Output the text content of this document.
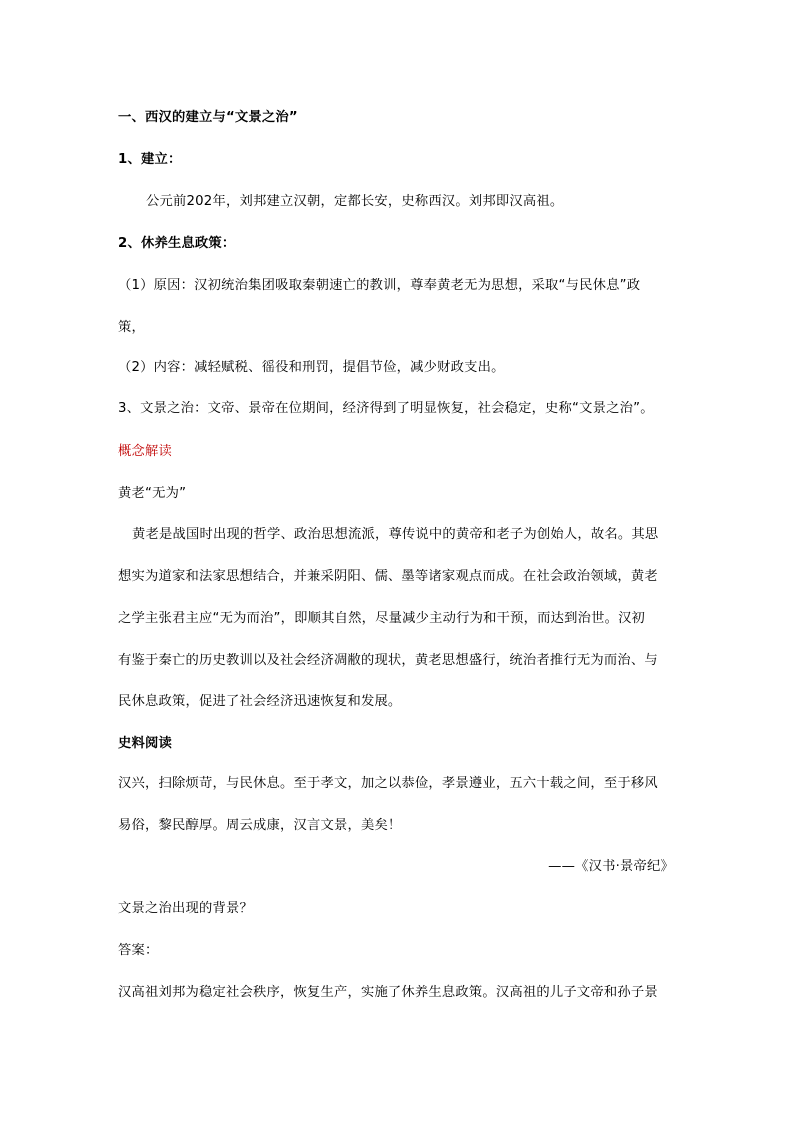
一、西汉的建立与“文景之治”
1、建立：
公元前202年，刘邦建立汉朝，定都长安，史称西汉。刘邦即汉高祖。
2、休养生息政策：
（1）原因：汉初统治集团吸取秦朝速亡的教训，尊奉黄老无为思想，采取“与民休息”政
策，
（2）内容：减轻赋税、徭役和刑罚，提倡节俭，减少财政支出。
3、文景之治：文帝、景帝在位期间，经济得到了明显恢复，社会稳定，史称“文景之治”。
概念解读
黄老“无为”
黄老是战国时出现的哲学、政治思想流派，尊传说中的黄帝和老子为创始人，故名。其思
想实为道家和法家思想结合，并兼采阴阳、儒、墨等诸家观点而成。在社会政治领域，黄老
之学主张君主应“无为而治”，即顺其自然，尽量减少主动行为和干预，而达到治世。汉初
有鉴于秦亡的历史教训以及社会经济凋敝的现状，黄老思想盛行，统治者推行无为而治、与
民休息政策，促进了社会经济迅速恢复和发展。
史料阅读
汉兴，扫除烦苛，与民休息。至于孝文，加之以恭俭，孝景遵业，五六十载之间，至于移风
易俗，黎民醇厚。周云成康，汉言文景，美矣！
——《汉书·景帝纪》
文景之治出现的背景？
答案：
汉高祖刘邦为稳定社会秩序，恢复生产，实施了休养生息政策。汉高祖的儿子文帝和孙子景
